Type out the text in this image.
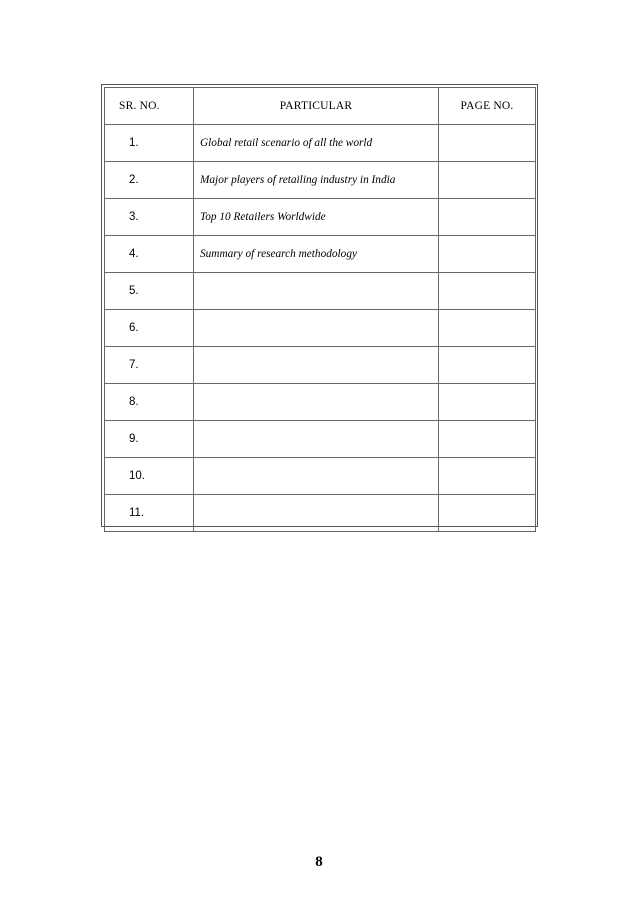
SR. NO.	PARTICULAR	PAGE NO.
1.	Global retail scenario of all the world	
2.	Major players of retailing industry in India	
3.	Top 10 Retailers Worldwide	
4.	Summary of research methodology	
5.		
6.		
7.		
8.		
9.		
10.		
11.		
8
